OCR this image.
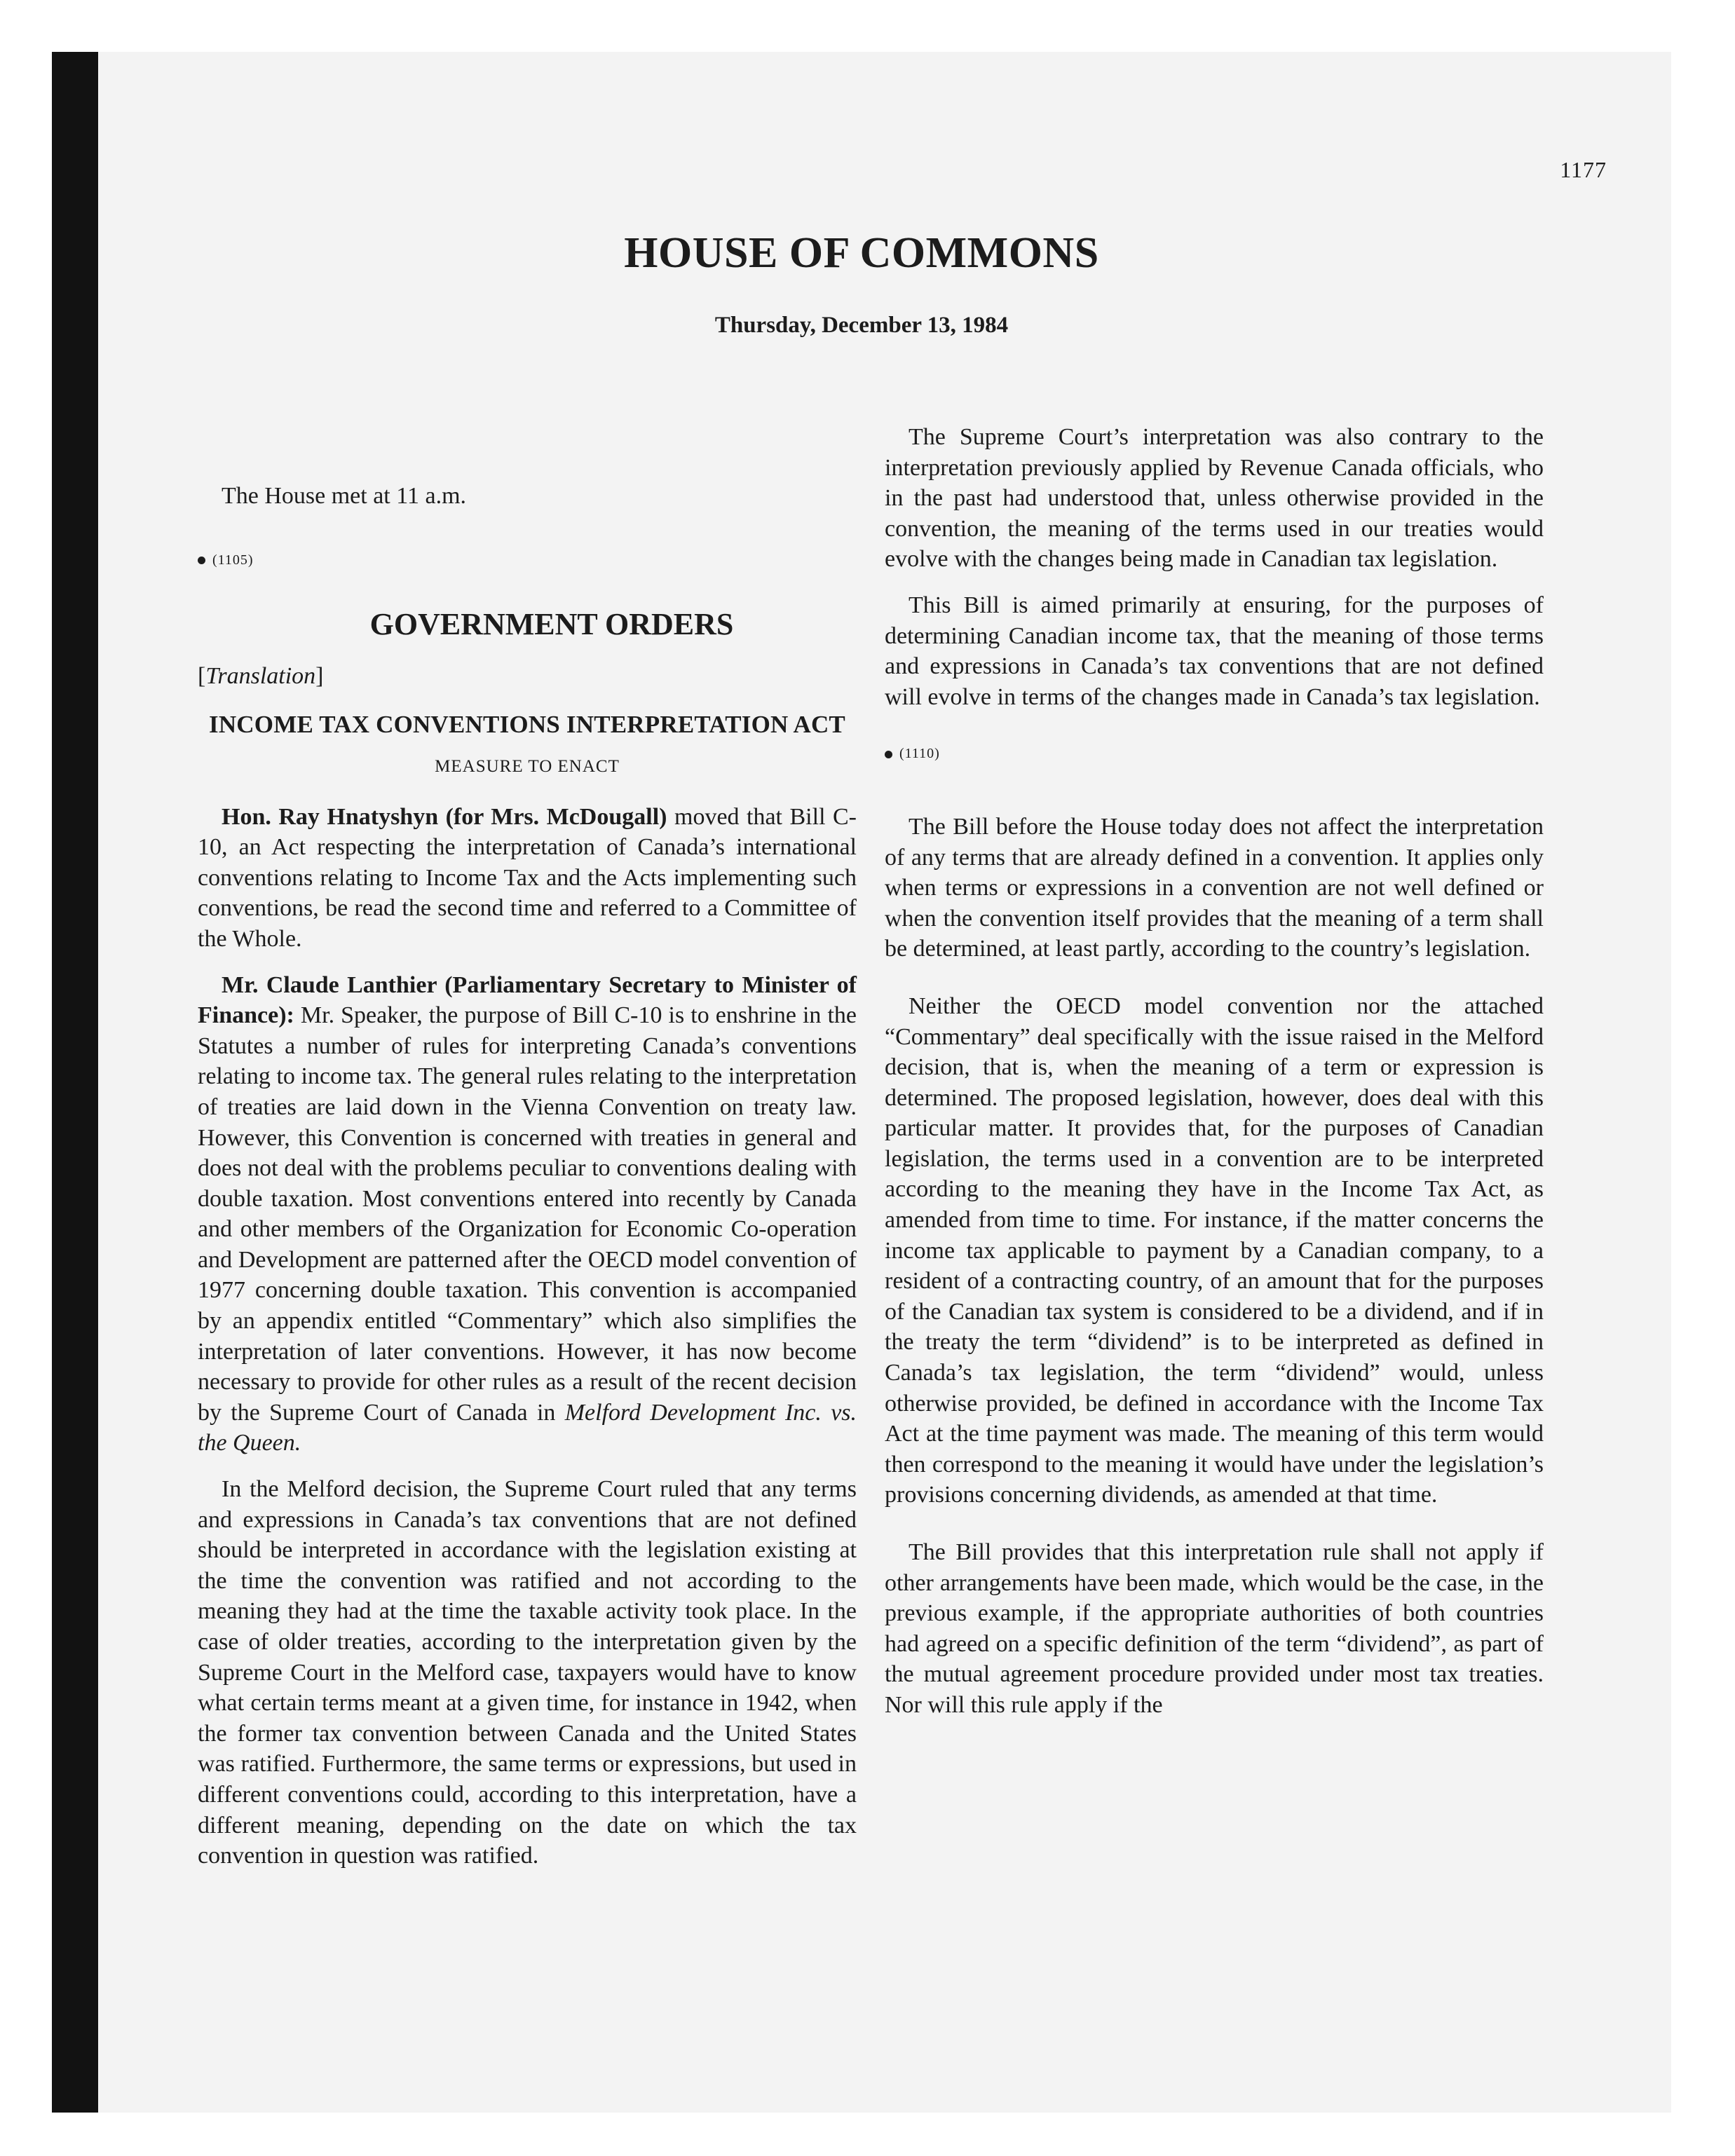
1177
HOUSE OF COMMONS
Thursday, December 13, 1984

The House met at 11 a.m.

(1105)

GOVERNMENT ORDERS

[Translation]

INCOME TAX CONVENTIONS INTERPRETATION ACT

MEASURE TO ENACT

Hon. Ray Hnatyshyn (for Mrs. McDougall) moved that Bill C-10, an Act respecting the interpretation of Canada’s international conventions relating to Income Tax and the Acts implementing such conventions, be read the second time and referred to a Committee of the Whole.

Mr. Claude Lanthier (Parliamentary Secretary to Minister of Finance): Mr. Speaker, the purpose of Bill C-10 is to enshrine in the Statutes a number of rules for interpreting Canada’s conventions relating to income tax. The general rules relating to the interpretation of treaties are laid down in the Vienna Convention on treaty law. However, this Convention is concerned with treaties in general and does not deal with the problems peculiar to conventions dealing with double taxation. Most conventions entered into recently by Canada and other members of the Organization for Economic Co-operation and Development are patterned after the OECD model convention of 1977 concerning double taxation. This convention is accompanied by an appendix entitled “Commentary” which also simplifies the interpretation of later conventions. However, it has now become necessary to provide for other rules as a result of the recent decision by the Supreme Court of Canada in Melford Development Inc. vs. the Queen.

In the Melford decision, the Supreme Court ruled that any terms and expressions in Canada’s tax conventions that are not defined should be interpreted in accordance with the legislation existing at the time the convention was ratified and not according to the meaning they had at the time the taxable activity took place. In the case of older treaties, according to the interpretation given by the Supreme Court in the Melford case, taxpayers would have to know what certain terms meant at a given time, for instance in 1942, when the former tax convention between Canada and the United States was ratified. Furthermore, the same terms or expressions, but used in different conventions could, according to this interpretation, have a different meaning, depending on the date on which the tax convention in question was ratified.

The Supreme Court’s interpretation was also contrary to the interpretation previously applied by Revenue Canada officials, who in the past had understood that, unless otherwise provided in the convention, the meaning of the terms used in our treaties would evolve with the changes being made in Canadian tax legislation.

This Bill is aimed primarily at ensuring, for the purposes of determining Canadian income tax, that the meaning of those terms and expressions in Canada’s tax conventions that are not defined will evolve in terms of the changes made in Canada’s tax legislation.

(1110)

The Bill before the House today does not affect the interpretation of any terms that are already defined in a convention. It applies only when terms or expressions in a convention are not well defined or when the convention itself provides that the meaning of a term shall be determined, at least partly, according to the country’s legislation.

Neither the OECD model convention nor the attached “Commentary” deal specifically with the issue raised in the Melford decision, that is, when the meaning of a term or expression is determined. The proposed legislation, however, does deal with this particular matter. It provides that, for the purposes of Canadian legislation, the terms used in a convention are to be interpreted according to the meaning they have in the Income Tax Act, as amended from time to time. For instance, if the matter concerns the income tax applicable to payment by a Canadian company, to a resident of a contracting country, of an amount that for the purposes of the Canadian tax system is considered to be a dividend, and if in the treaty the term “dividend” is to be interpreted as defined in Canada’s tax legislation, the term “dividend” would, unless otherwise provided, be defined in accordance with the Income Tax Act at the time payment was made. The meaning of this term would then correspond to the meaning it would have under the legislation’s provisions concerning dividends, as amended at that time.

The Bill provides that this interpretation rule shall not apply if other arrangements have been made, which would be the case, in the previous example, if the appropriate authorities of both countries had agreed on a specific definition of the term “dividend”, as part of the mutual agreement procedure provided under most tax treaties. Nor will this rule apply if the
